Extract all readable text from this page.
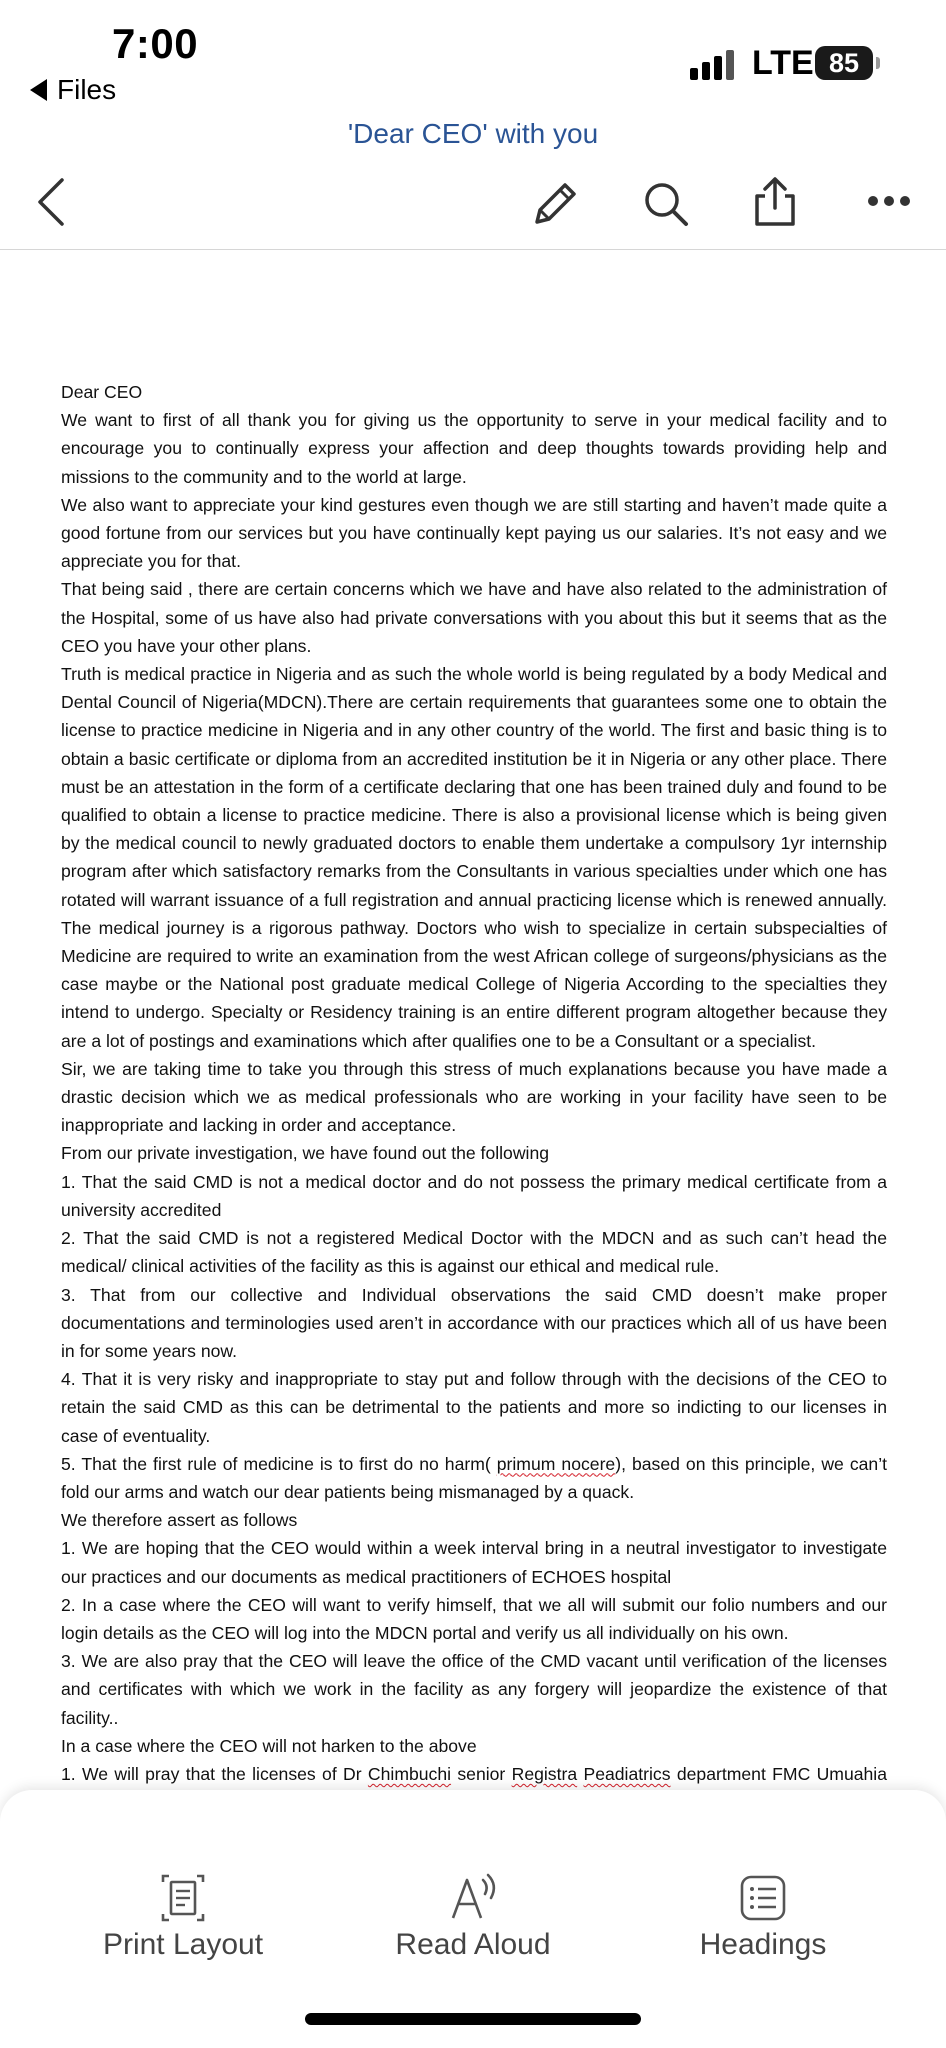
7:00
Files
LTE 85
'Dear CEO' with you

Dear CEO

We want to first of all thank you for giving us the opportunity to serve in your medical facility and to encourage you to continually express your affection and deep thoughts towards providing help and missions to the community and to the world at large.

We also want to appreciate your kind gestures even though we are still starting and haven’t made quite a good fortune from our services but you have continually kept paying us our salaries. It’s not easy and we appreciate you for that.

That being said , there are certain concerns which we have and have also related to the administration of the Hospital, some of us have also had private conversations with you about this but it seems that as the CEO you have your other plans.

Truth is medical practice in Nigeria and as such the whole world is being regulated by a body Medical and Dental Council of Nigeria(MDCN).There are certain requirements that guarantees some one to obtain the license to practice medicine in Nigeria and in any other country of the world. The first and basic thing is to obtain a basic certificate or diploma from an accredited institution be it in Nigeria or any other place. There must be an attestation in the form of a certificate declaring that one has been trained duly and found to be qualified to obtain a license to practice medicine. There is also a provisional license which is being given by the medical council to newly graduated doctors to enable them undertake a compulsory 1yr internship program after which satisfactory remarks from the Consultants in various specialties under which one has rotated will warrant issuance of a full registration and annual practicing license which is renewed annually. The medical journey is a rigorous pathway. Doctors who wish to specialize in certain subspecialties of Medicine are required to write an examination from the west African college of surgeons/physicians as the case maybe or the National post graduate medical College of Nigeria According to the specialties they intend to undergo. Specialty or Residency training is an entire different program altogether because they are a lot of postings and examinations which after qualifies one to be a Consultant or a specialist.

Sir, we are taking time to take you through this stress of much explanations because you have made a drastic decision which we as medical professionals who are working in your facility have seen to be inappropriate and lacking in order and acceptance.

From our private investigation, we have found out the following

1. That the said CMD is not a medical doctor and do not possess the primary medical certificate from a university accredited

2. That the said CMD is not a registered Medical Doctor with the MDCN and as such can’t head the medical/ clinical activities of the facility as this is against our ethical and medical rule.

3. That from our collective and Individual observations the said CMD doesn’t make proper documentations and terminologies used aren’t in accordance with our practices which all of us have been in for some years now.

4. That it is very risky and inappropriate to stay put and follow through with the decisions of the CEO to retain the said CMD as this can be detrimental to the patients and more so indicting to our licenses in case of eventuality.

5. That the first rule of medicine is to first do no harm( primum nocere), based on this principle, we can’t fold our arms and watch our dear patients being mismanaged by a quack.

We therefore assert as follows

1. We are hoping that the CEO would within a week interval bring in a neutral investigator to investigate our practices and our documents as medical practitioners of ECHOES hospital

2. In a case where the CEO will want to verify himself, that we all will submit our folio numbers and our login details as the CEO will log into the MDCN portal and verify us all individually on his own.

3. We are also pray that the CEO will leave the office of the CMD vacant until verification of the licenses and certificates with which we work in the facility as any forgery will jeopardize the existence of that facility..

In a case where the CEO will not harken to the above

1. We will pray that the licenses of Dr Chimbuchi senior Registra Peadiatrics department FMC Umuahia

Print Layout	Read Aloud	Headings
